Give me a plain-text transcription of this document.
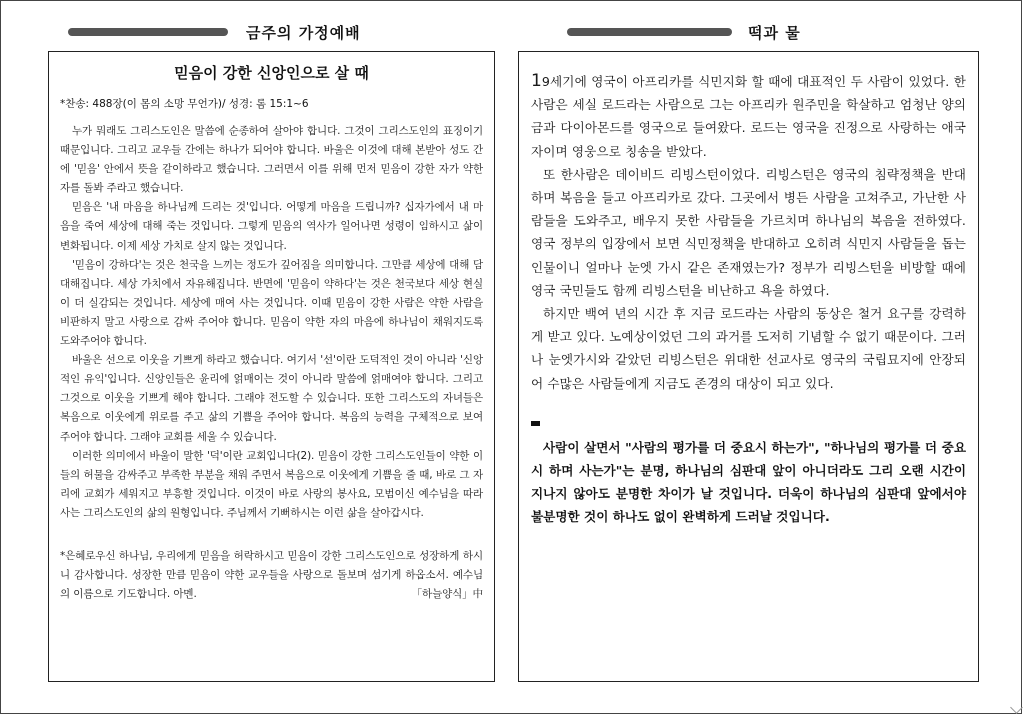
금주의 가정예배	떡과 물
믿음이 강한 신앙인으로 살 때
*찬송: 488장(이 몸의 소망 무언가)/ 성경: 롬 15:1~6

누가 뭐래도 그리스도인은 말씀에 순종하여 살아야 합니다. 그것이 그리스도인의 표징이기 때문입니다. 그리고 교우들 간에는 하나가 되어야 합니다. 바울은 이것에 대해 본받아 성도 간에 '믿음' 안에서 뜻을 같이하라고 했습니다. 그러면서 이를 위해 먼저 믿음이 강한 자가 약한 자를 돌봐 주라고 했습니다.

믿음은 '내 마음을 하나님께 드리는 것'입니다. 어떻게 마음을 드립니까? 십자가에서 내 마음을 죽여 세상에 대해 죽는 것입니다. 그렇게 믿음의 역사가 일어나면 성령이 임하시고 삶이 변화됩니다. 이제 세상 가치로 살지 않는 것입니다.

'믿음이 강하다'는 것은 천국을 느끼는 정도가 깊어짐을 의미합니다. 그만큼 세상에 대해 담대해집니다. 세상 가치에서 자유해집니다. 반면에 '믿음이 약하다'는 것은 천국보다 세상 현실이 더 실감되는 것입니다. 세상에 매여 사는 것입니다. 이때 믿음이 강한 사람은 약한 사람을 비판하지 말고 사랑으로 감싸 주어야 합니다. 믿음이 약한 자의 마음에 하나님이 채워지도록 도와주어야 합니다.

바울은 선으로 이웃을 기쁘게 하라고 했습니다. 여기서 '선'이란 도덕적인 것이 아니라 '신앙적인 유익'입니다. 신앙인들은 윤리에 얽매이는 것이 아니라 말씀에 얽매여야 합니다. 그리고 그것으로 이웃을 기쁘게 해야 합니다. 그래야 전도할 수 있습니다. 또한 그리스도의 자녀들은 복음으로 이웃에게 위로를 주고 삶의 기쁨을 주어야 합니다. 복음의 능력을 구체적으로 보여 주어야 합니다. 그래야 교회를 세울 수 있습니다.

이러한 의미에서 바울이 말한 '덕'이란 교회입니다(2). 믿음이 강한 그리스도인들이 약한 이들의 허물을 감싸주고 부족한 부분을 채워 주면서 복음으로 이웃에게 기쁨을 줄 때, 바로 그 자리에 교회가 세워지고 부흥할 것입니다. 이것이 바로 사랑의 봉사요, 모범이신 예수님을 따라 사는 그리스도인의 삶의 원형입니다. 주님께서 기뻐하시는 이런 삶을 살아갑시다.

*은혜로우신 하나님, 우리에게 믿음을 허락하시고 믿음이 강한 그리스도인으로 성장하게 하시니 감사합니다. 성장한 만큼 믿음이 약한 교우들을 사랑으로 돌보며 섬기게 하옵소서. 예수님의 이름으로 기도합니다. 아멘.	「하늘양식」中

19세기에 영국이 아프리카를 식민지화 할 때에 대표적인 두 사람이 있었다. 한 사람은 세실 로드라는 사람으로 그는 아프리카 원주민을 학살하고 엄청난 양의 금과 다이아몬드를 영국으로 들여왔다. 로드는 영국을 진정으로 사랑하는 애국자이며 영웅으로 칭송을 받았다.

또 한사람은 데이비드 리빙스턴이었다. 리빙스턴은 영국의 침략정책을 반대하며 복음을 들고 아프리카로 갔다. 그곳에서 병든 사람을 고쳐주고, 가난한 사람들을 도와주고, 배우지 못한 사람들을 가르치며 하나님의 복음을 전하였다. 영국 정부의 입장에서 보면 식민정책을 반대하고 오히려 식민지 사람들을 돕는 인물이니 얼마나 눈엣 가시 같은 존재였는가? 정부가 리빙스턴을 비방할 때에 영국 국민들도 함께 리빙스턴을 비난하고 욕을 하였다.

하지만 백여 년의 시간 후 지금 로드라는 사람의 동상은 철거 요구를 강력하게 받고 있다. 노예상이었던 그의 과거를 도저히 기념할 수 없기 때문이다. 그러나 눈엣가시와 같았던 리빙스턴은 위대한 선교사로 영국의 국립묘지에 안장되어 수많은 사람들에게 지금도 존경의 대상이 되고 있다.

사람이 살면서 "사람의 평가를 더 중요시 하는가", "하나님의 평가를 더 중요시 하며 사는가"는 분명, 하나님의 심판대 앞이 아니더라도 그리 오랜 시간이 지나지 않아도 분명한 차이가 날 것입니다. 더욱이 하나님의 심판대 앞에서야 불분명한 것이 하나도 없이 완벽하게 드러날 것입니다.
